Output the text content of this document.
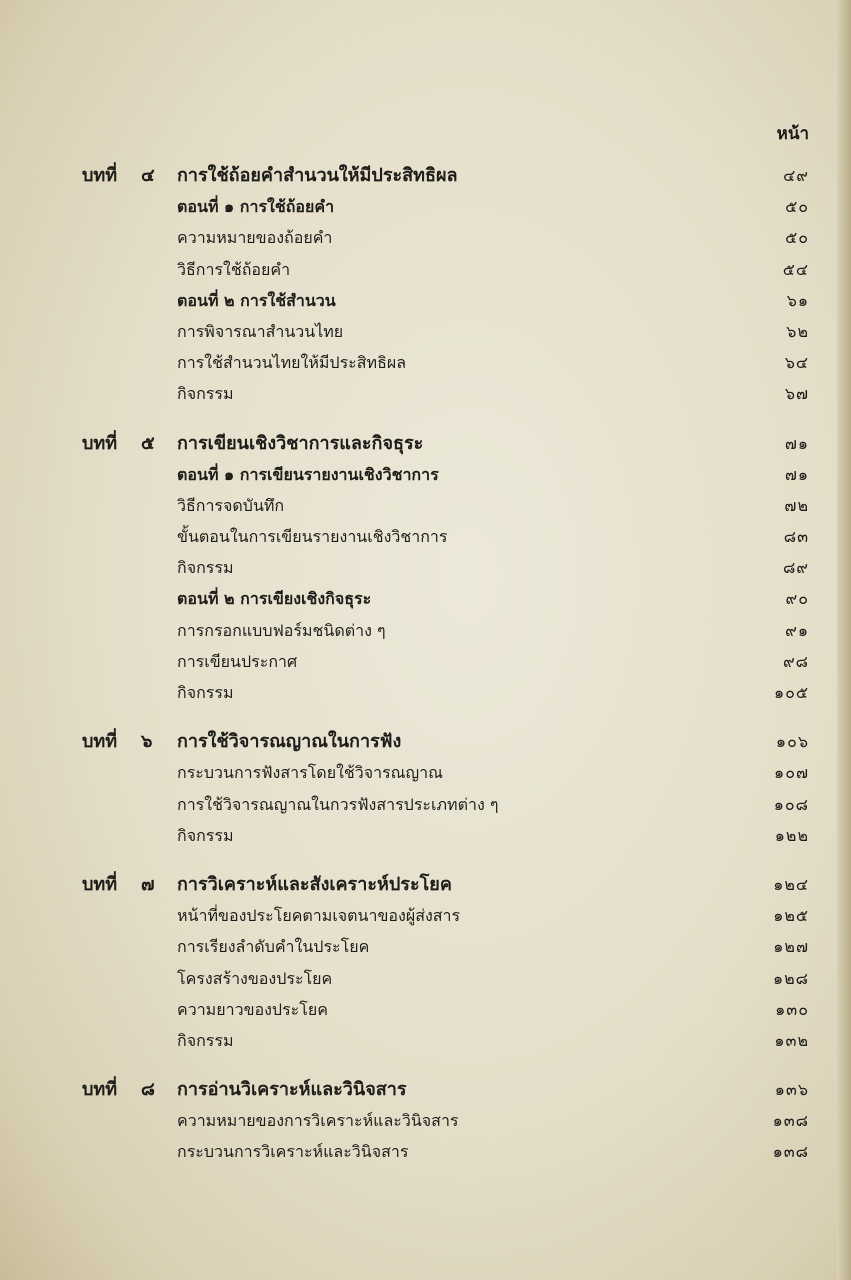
หน้า
บทที่ ๔ การใช้ถ้อยคำสำนวนให้มีประสิทธิผล	๔๙
ตอนที่ ๑ การใช้ถ้อยคำ	๕๐
ความหมายของถ้อยคำ	๕๐
วิธีการใช้ถ้อยคำ	๕๔
ตอนที่ ๒ การใช้สำนวน	๖๑
การพิจารณาสำนวนไทย	๖๒
การใช้สำนวนไทยให้มีประสิทธิผล	๖๔
กิจกรรม	๖๗
บทที่ ๕ การเขียนเชิงวิชาการและกิจธุระ	๗๑
ตอนที่ ๑ การเขียนรายงานเชิงวิชาการ	๗๑
วิธีการจดบันทึก	๗๒
ขั้นตอนในการเขียนรายงานเชิงวิชาการ	๘๓
กิจกรรม	๘๙
ตอนที่ ๒ การเขียงเชิงกิจธุระ	๙๐
การกรอกแบบฟอร์มชนิดต่าง ๆ	๙๑
การเขียนประกาศ	๙๘
กิจกรรม	๑๐๕
บทที่ ๖ การใช้วิจารณญาณในการฟัง	๑๐๖
กระบวนการฟังสารโดยใช้วิจารณญาณ	๑๐๗
การใช้วิจารณญาณในกวรฟังสารประเภทต่าง ๆ	๑๐๘
กิจกรรม	๑๒๒
บทที่ ๗ การวิเคราะห์และสังเคราะห์ประโยค	๑๒๔
หน้าที่ของประโยคตามเจตนาของผู้ส่งสาร	๑๒๕
การเรียงลำดับคำในประโยค	๑๒๗
โครงสร้างของประโยค	๑๒๘
ความยาวของประโยค	๑๓๐
กิจกรรม	๑๓๒
บทที่ ๘ การอ่านวิเคราะห์และวินิจสาร	๑๓๖
ความหมายของการวิเคราะห์และวินิจสาร	๑๓๘
กระบวนการวิเคราะห์และวินิจสาร	๑๓๘
